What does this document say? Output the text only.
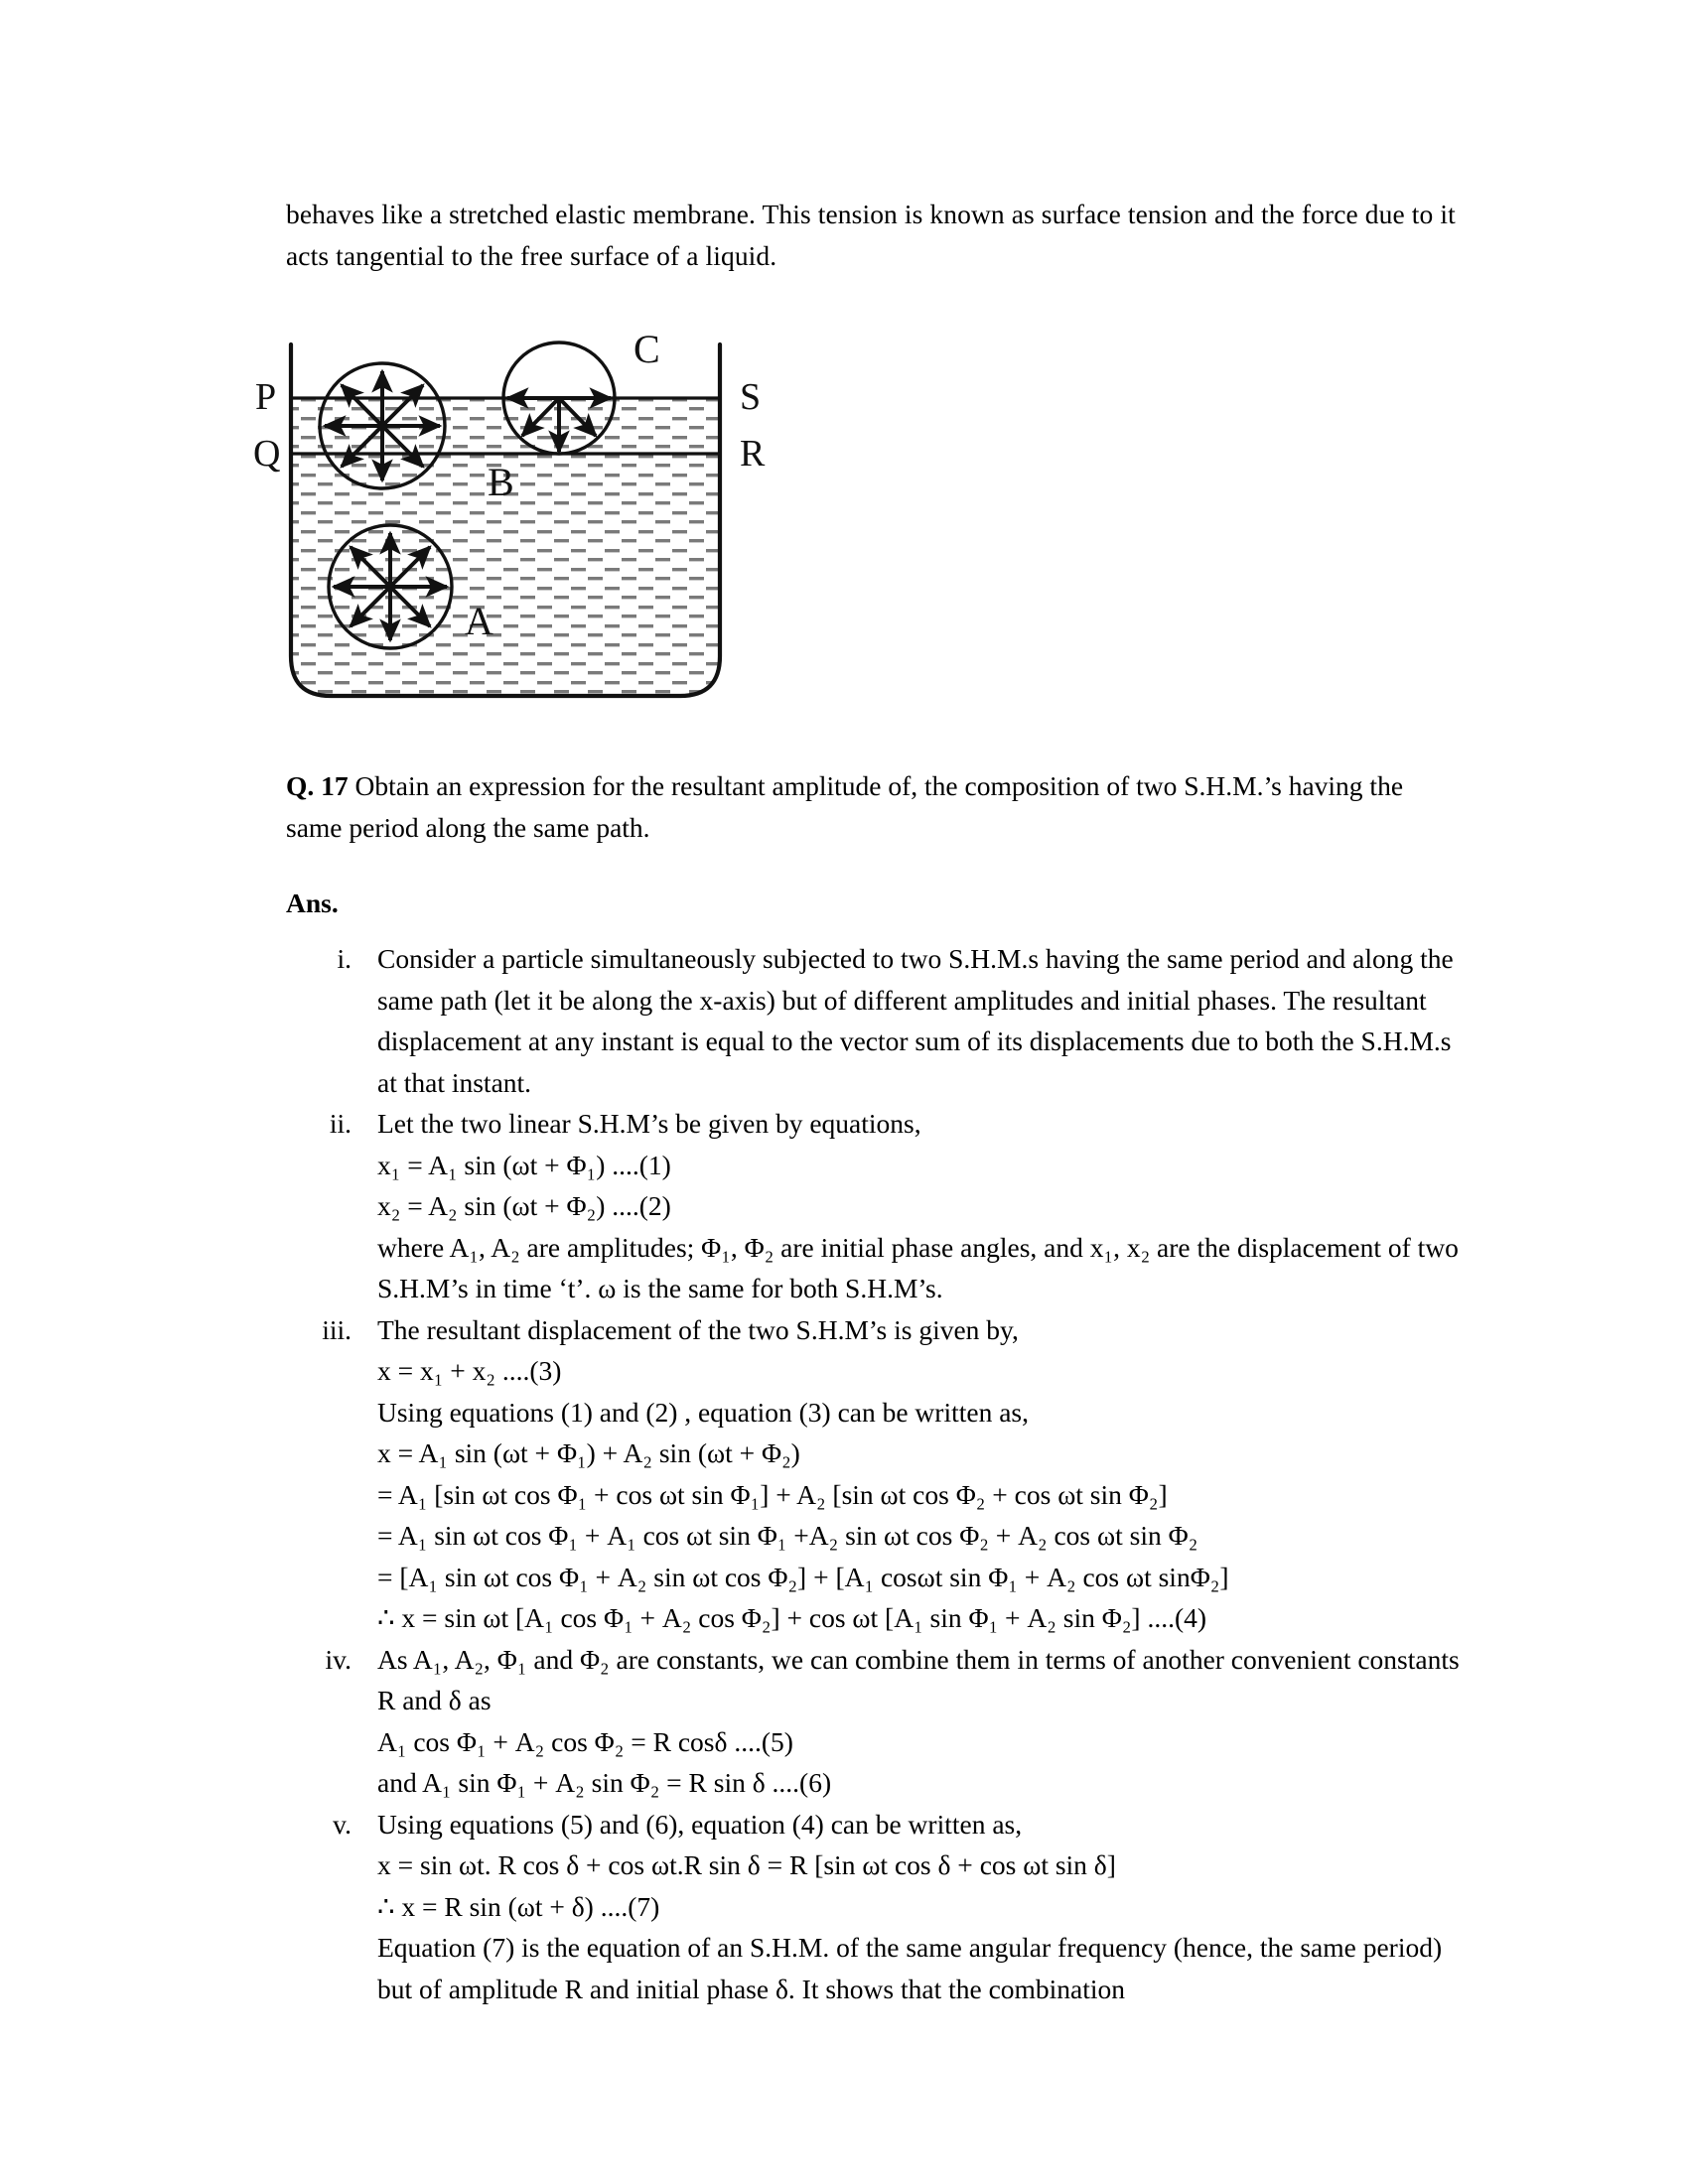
behaves like a stretched elastic membrane. This tension is known as surface tension and the force due to it acts tangential to the free surface of a liquid.

P
Q
S
R
B
A
C
Q. 17 Obtain an expression for the resultant amplitude of, the composition of two S.H.M.’s having the same period along the same path.
Ans.
i. Consider a particle simultaneously subjected to two S.H.M.s having the same period and along the same path (let it be along the x-axis) but of different amplitudes and initial phases. The resultant displacement at any instant is equal to the vector sum of its displacements due to both the S.H.M.s at that instant.
ii. Let the two linear S.H.M’s be given by equations,
x₁ = A₁ sin (ωt + Φ₁) ....(1)
x₂ = A₂ sin (ωt + Φ₂) ....(2)
where A₁, A₂ are amplitudes; Φ₁, Φ₂ are initial phase angles, and x₁, x₂ are the displacement of two S.H.M’s in time ‘t’. ω is the same for both S.H.M’s.
iii. The resultant displacement of the two S.H.M’s is given by,
x = x₁ + x₂ ....(3)
Using equations (1) and (2) , equation (3) can be written as,
x = A₁ sin (ωt + Φ₁) + A₂ sin (ωt + Φ₂)
= A₁ [sin ωt cos Φ₁ + cos ωt sin Φ₁] + A₂ [sin ωt cos Φ₂ + cos ωt sin Φ₂]
= A₁ sin ωt cos Φ₁ + A₁ cos ωt sin Φ₁ +A₂ sin ωt cos Φ₂ + A₂ cos ωt sin Φ₂
= [A₁ sin ωt cos Φ₁ + A₂ sin ωt cos Φ₂] + [A₁ cosωt sin Φ₁ + A₂ cos ωt sinΦ₂]
∴ x = sin ωt [A₁ cos Φ₁ + A₂ cos Φ₂] + cos ωt [A₁ sin Φ₁ + A₂ sin Φ₂] ....(4)
iv. As A₁, A₂, Φ₁ and Φ₂ are constants, we can combine them in terms of another convenient constants R and δ as
A₁ cos Φ₁ + A₂ cos Φ₂ = R cosδ ....(5)
and A₁ sin Φ₁ + A₂ sin Φ₂ = R sin δ ....(6)
v. Using equations (5) and (6), equation (4) can be written as,
x = sin ωt. R cos δ + cos ωt.R sin δ = R [sin ωt cos δ + cos ωt sin δ]
∴ x = R sin (ωt + δ) ....(7)
Equation (7) is the equation of an S.H.M. of the same angular frequency (hence, the same period) but of amplitude R and initial phase δ. It shows that the combination
